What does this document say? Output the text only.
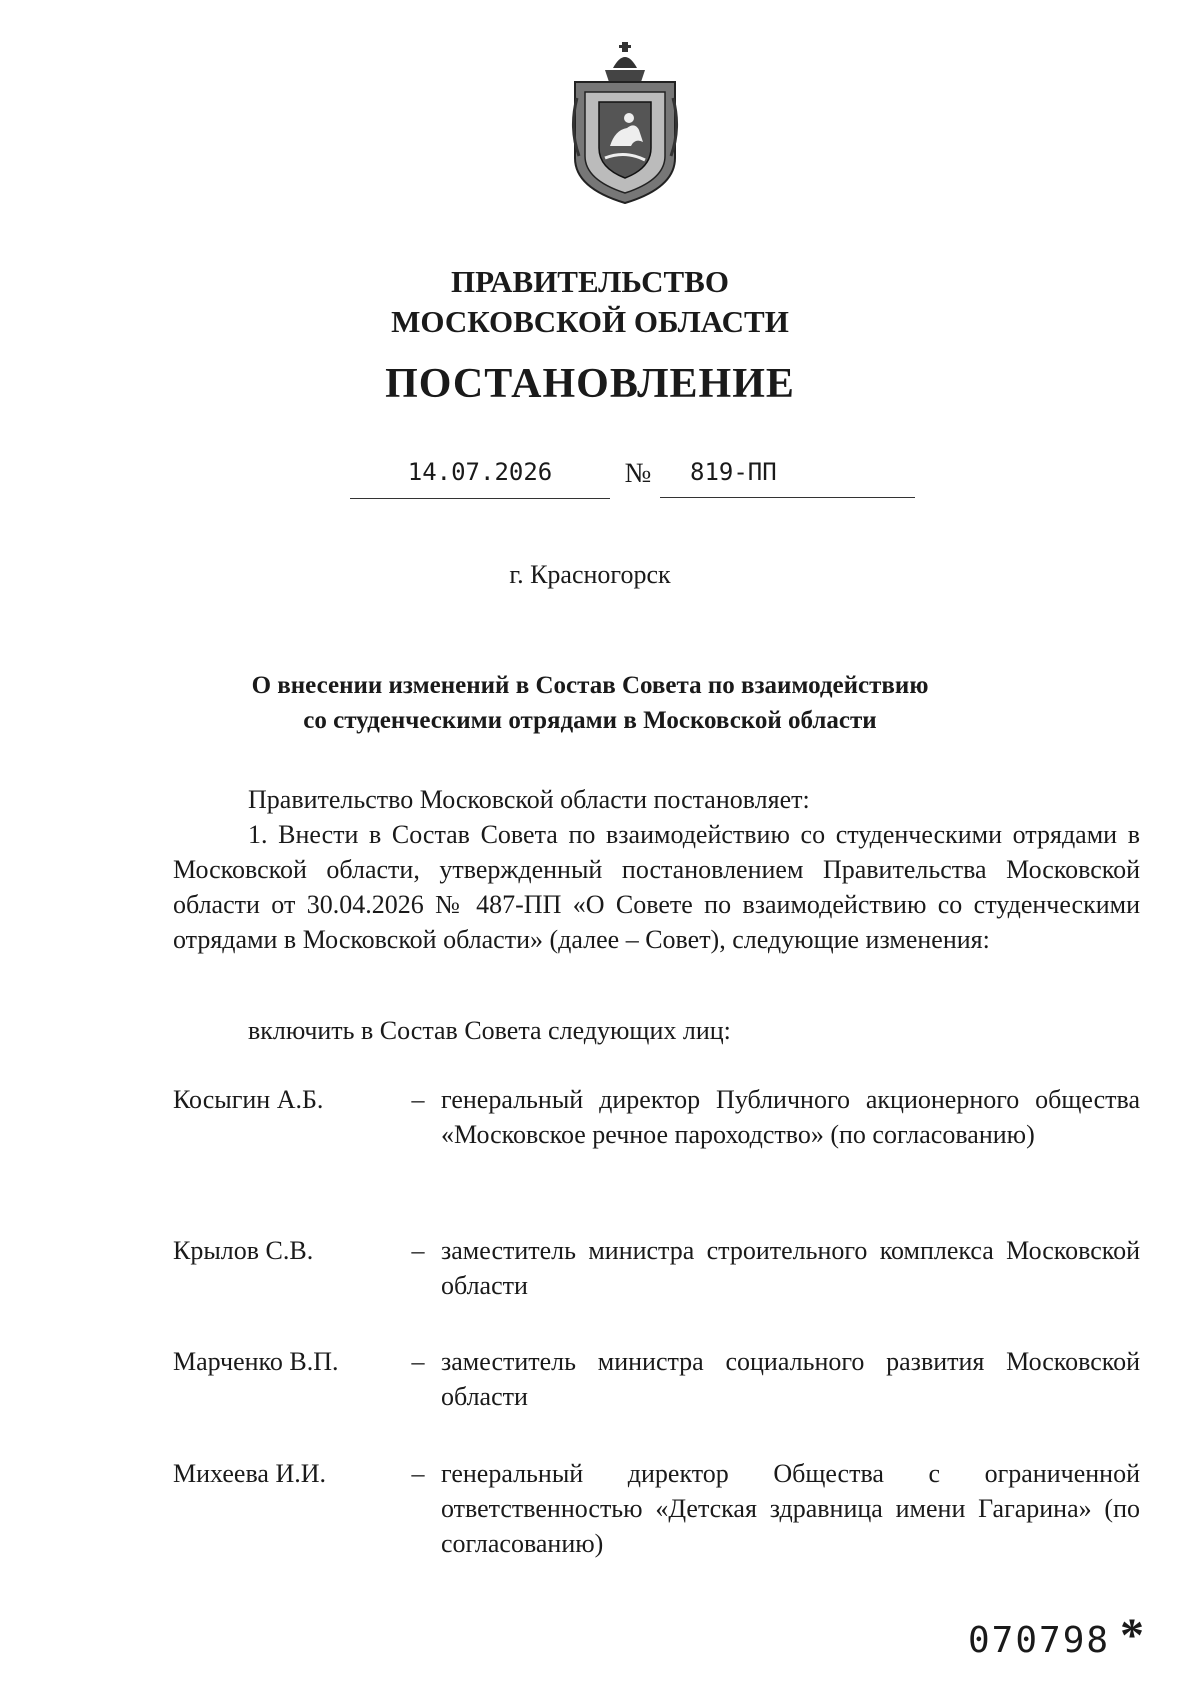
ПРАВИТЕЛЬСТВО
МОСКОВСКОЙ ОБЛАСТИ
ПОСТАНОВЛЕНИЕ
14.07.2026	№	819-ПП
г. Красногорск
О внесении изменений в Состав Совета по взаимодействию
со студенческими отрядами в Московской области
Правительство Московской области постановляет:
1. Внести в Состав Совета по взаимодействию со студенческими отрядами в Московской области, утвержденный постановлением Правительства Московской области от 30.04.2026 № 487-ПП «О Совете по взаимодействию со студенческими отрядами в Московской области» (далее – Совет), следующие изменения:
включить в Состав Совета следующих лиц:
Косыгин А.Б.	– генеральный директор Публичного акционерного общества «Московское речное пароходство» (по согласованию)
Крылов С.В.	– заместитель министра строительного комплекса Московской области
Марченко В.П.	– заместитель министра социального развития Московской области
Михеева И.И.	– генеральный директор Общества с ограниченной ответственностью «Детская здравница имени Гагарина» (по согласованию)
070798 *
